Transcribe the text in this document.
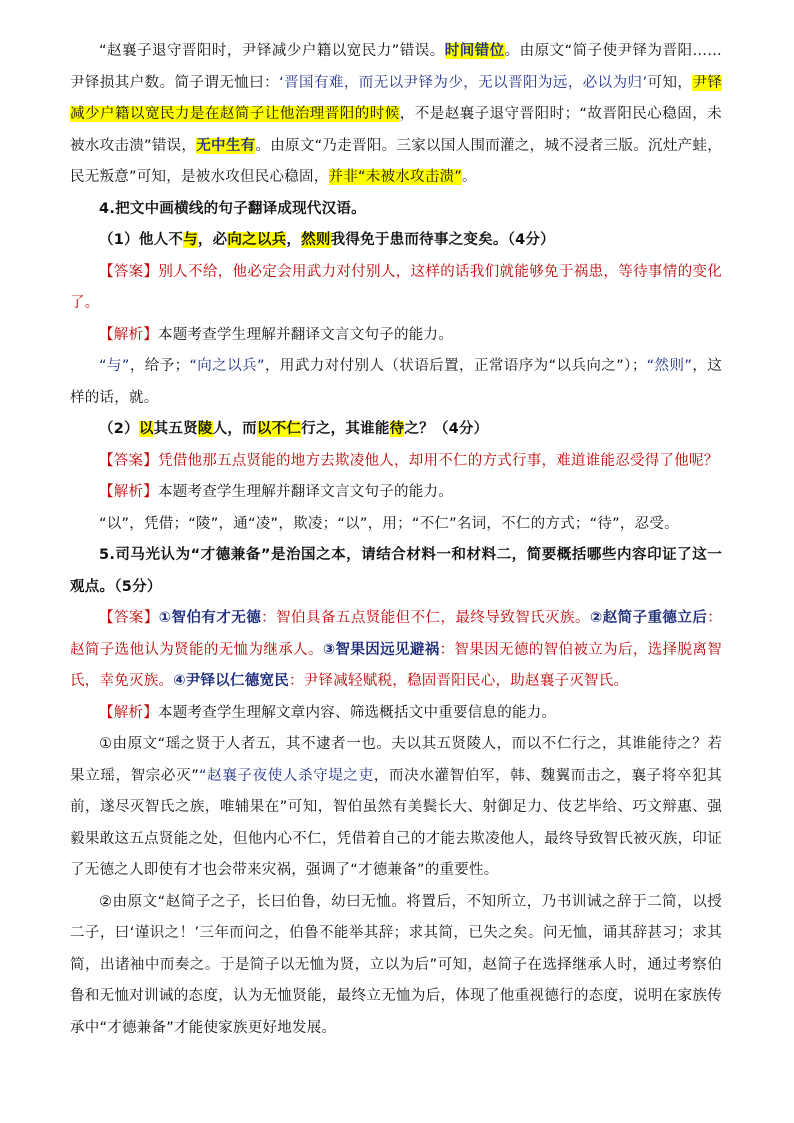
“赵襄子退守晋阳时，尹铎减少户籍以宽民力”错误。时间错位。由原文“简子使尹铎为晋阳……尹铎损其户数。简子谓无恤曰：‘晋国有难，而无以尹铎为少，无以晋阳为远，必以为归’可知，尹铎减少户籍以宽民力是在赵简子让他治理晋阳的时候，不是赵襄子退守晋阳时；“故晋阳民心稳固，未被水攻击溃”错误，无中生有。由原文“乃走晋阳。三家以国人围而灌之，城不浸者三版。沉灶产蛙，民无叛意”可知，是被水攻但民心稳固，并非“未被水攻击溃”。

4.把文中画横线的句子翻译成现代汉语。

（1）他人不与，必向之以兵，然则我得免于患而待事之变矣。（4分）

【答案】别人不给，他必定会用武力对付别人，这样的话我们就能够免于祸患，等待事情的变化了。

【解析】本题考查学生理解并翻译文言文句子的能力。

“与”，给予；“向之以兵”，用武力对付别人（状语后置，正常语序为“以兵向之”）；“然则”，这样的话，就。

（2）以其五贤陵人，而以不仁行之，其谁能待之？（4分）

【答案】凭借他那五点贤能的地方去欺凌他人，却用不仁的方式行事，难道谁能忍受得了他呢？

【解析】本题考查学生理解并翻译文言文句子的能力。

“以”，凭借；“陵”，通“凌”，欺凌；“以”，用；“不仁”名词，不仁的方式；“待”，忍受。

5.司马光认为“才德兼备”是治国之本，请结合材料一和材料二，简要概括哪些内容印证了这一观点。（5分）

【答案】①智伯有才无德：智伯具备五点贤能但不仁，最终导致智氏灭族。②赵简子重德立后：赵简子选他认为贤能的无恤为继承人。③智果因远见避祸：智果因无德的智伯被立为后，选择脱离智氏，幸免灭族。④尹铎以仁德宽民：尹铎减轻赋税，稳固晋阳民心，助赵襄子灭智氏。

【解析】本题考查学生理解文章内容、筛选概括文中重要信息的能力。

①由原文“瑶之贤于人者五，其不逮者一也。夫以其五贤陵人，而以不仁行之，其谁能待之？若果立瑶，智宗必灭”“赵襄子夜使人杀守堤之吏，而决水灌智伯军，韩、魏翼而击之，襄子将卒犯其前，遂尽灭智氏之族，唯辅果在”可知，智伯虽然有美鬓长大、射御足力、伎艺毕给、巧文辩惠、强毅果敢这五点贤能之处，但他内心不仁，凭借着自己的才能去欺凌他人，最终导致智氏被灭族，印证了无德之人即使有才也会带来灾祸，强调了“才德兼备”的重要性。

②由原文“赵简子之子，长曰伯鲁，幼曰无恤。将置后，不知所立，乃书训诫之辞于二简，以授二子，曰‘谨识之！’三年而问之，伯鲁不能举其辞；求其简，已失之矣。问无恤，诵其辞甚习；求其简，出诸袖中而奏之。于是简子以无恤为贤，立以为后”可知，赵简子在选择继承人时，通过考察伯鲁和无恤对训诫的态度，认为无恤贤能，最终立无恤为后，体现了他重视德行的态度，说明在家族传承中“才德兼备”才能使家族更好地发展。
